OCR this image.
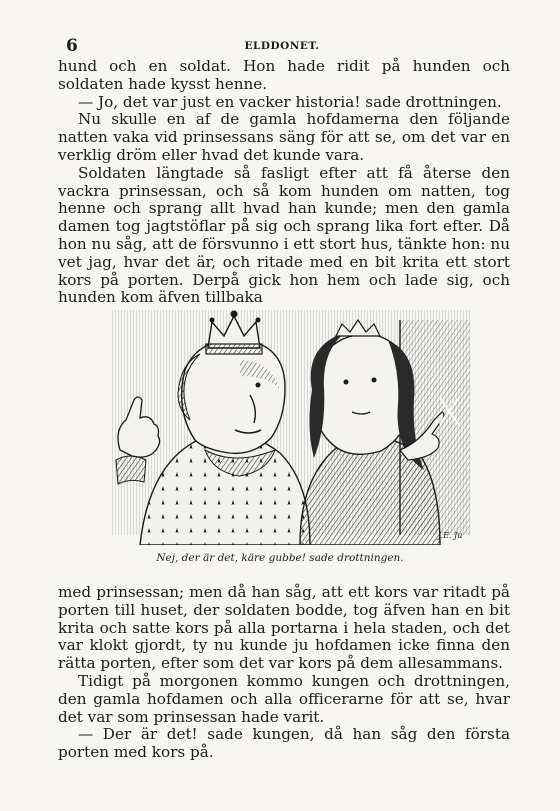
6	ELDDONET.

hund och en soldat. Hon hade ridit på hunden och soldaten hade kysst henne.

— Jo, det var just en vacker historia! sade drottningen.

Nu skulle en af de gamla hofdamerna den följande natten vaka vid prinsessans säng för att se, om det var en verklig dröm eller hvad det kunde vara.

Soldaten längtade så fasligt efter att få återse den vackra prinsessan, och så kom hunden om natten, tog henne och sprang allt hvad han kunde; men den gamla damen tog jagtstöflar på sig och sprang lika fort efter. Då hon nu såg, att de försvunno i ett stort hus, tänkte hon: nu vet jag, hvar det är, och ritade med en bit krita ett stort kors på porten. Derpå gick hon hem och lade sig, och hunden kom äfven tillbaka

J.E. Ju
Nej, der är det, käre gubbe! sade drottningen.

med prinsessan; men då han såg, att ett kors var ritadt på porten till huset, der soldaten bodde, tog äfven han en bit krita och satte kors på alla portarna i hela staden, och det var klokt gjordt, ty nu kunde ju hofdamen icke finna den rätta porten, efter som det var kors på dem allesammans.

Tidigt på morgonen kommo kungen och drottningen, den gamla hofdamen och alla officerarne för att se, hvar det var som prinsessan hade varit.

— Der är det! sade kungen, då han såg den första porten med kors på.
